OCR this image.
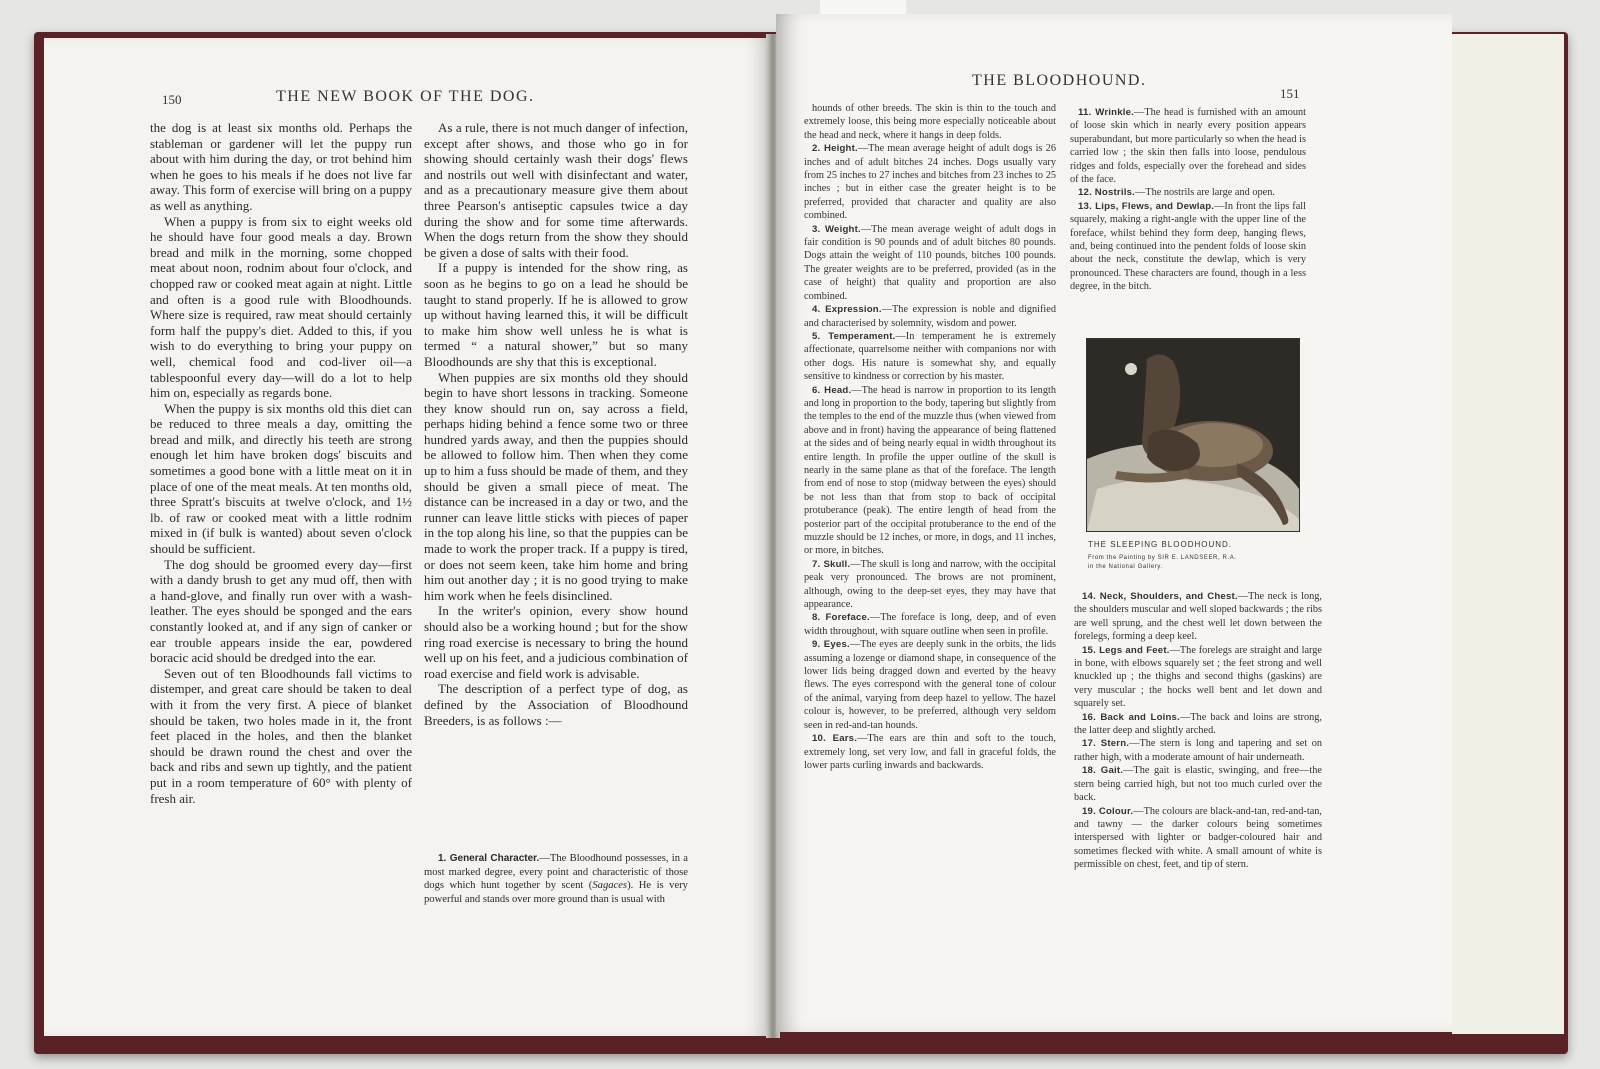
150	THE NEW BOOK OF THE DOG.

the dog is at least six months old. Perhaps the stableman or gardener will let the puppy run about with him during the day, or trot behind him when he goes to his meals if he does not live far away. This form of exercise will bring on a puppy as well as anything.

When a puppy is from six to eight weeks old he should have four good meals a day. Brown bread and milk in the morning, some chopped meat about noon, rodnim about four o'clock, and chopped raw or cooked meat again at night. Little and often is a good rule with Bloodhounds. Where size is required, raw meat should certainly form half the puppy's diet. Added to this, if you wish to do everything to bring your puppy on well, chemical food and cod-liver oil—a tablespoonful every day—will do a lot to help him on, especially as regards bone.

When the puppy is six months old this diet can be reduced to three meals a day, omitting the bread and milk, and directly his teeth are strong enough let him have broken dogs' biscuits and sometimes a good bone with a little meat on it in place of one of the meat meals. At ten months old, three Spratt's biscuits at twelve o'clock, and 1½ lb. of raw or cooked meat with a little rodnim mixed in (if bulk is wanted) about seven o'clock should be sufficient.

The dog should be groomed every day—first with a dandy brush to get any mud off, then with a hand-glove, and finally run over with a wash-leather. The eyes should be sponged and the ears constantly looked at, and if any sign of canker or ear trouble appears inside the ear, powdered boracic acid should be dredged into the ear.

Seven out of ten Bloodhounds fall victims to distemper, and great care should be taken to deal with it from the very first. A piece of blanket should be taken, two holes made in it, the front feet placed in the holes, and then the blanket should be drawn round the chest and over the back and ribs and sewn up tightly, and the patient put in a room temperature of 60° with plenty of fresh air.

As a rule, there is not much danger of infection, except after shows, and those who go in for showing should certainly wash their dogs' flews and nostrils out well with disinfectant and water, and as a precautionary measure give them about three Pearson's antiseptic capsules twice a day during the show and for some time afterwards. When the dogs return from the show they should be given a dose of salts with their food.

If a puppy is intended for the show ring, as soon as he begins to go on a lead he should be taught to stand properly. If he is allowed to grow up without having learned this, it will be difficult to make him show well unless he is what is termed “ a natural shower,” but so many Bloodhounds are shy that this is exceptional.

When puppies are six months old they should begin to have short lessons in tracking. Someone they know should run on, say across a field, perhaps hiding behind a fence some two or three hundred yards away, and then the puppies should be allowed to follow him. Then when they come up to him a fuss should be made of them, and they should be given a small piece of meat. The distance can be increased in a day or two, and the runner can leave little sticks with pieces of paper in the top along his line, so that the puppies can be made to work the proper track. If a puppy is tired, or does not seem keen, take him home and bring him out another day ; it is no good trying to make him work when he feels disinclined.

In the writer's opinion, every show hound should also be a working hound ; but for the show ring road exercise is necessary to bring the hound well up on his feet, and a judicious combination of road exercise and field work is advisable.

The description of a perfect type of dog, as defined by the Association of Bloodhound Breeders, is as follows :—

1. General Character.—The Bloodhound possesses, in a most marked degree, every point and characteristic of those dogs which hunt together by scent (Sagaces). He is very powerful and stands over more ground than is usual with

THE BLOODHOUND.
151

hounds of other breeds. The skin is thin to the touch and extremely loose, this being more especially noticeable about the head and neck, where it hangs in deep folds.

2. Height.—The mean average height of adult dogs is 26 inches and of adult bitches 24 inches. Dogs usually vary from 25 inches to 27 inches and bitches from 23 inches to 25 inches ; but in either case the greater height is to be preferred, provided that character and quality are also combined.

3. Weight.—The mean average weight of adult dogs in fair condition is 90 pounds and of adult bitches 80 pounds. Dogs attain the weight of 110 pounds, bitches 100 pounds. The greater weights are to be preferred, provided (as in the case of height) that quality and proportion are also combined.

4. Expression.—The expression is noble and dignified and characterised by solemnity, wisdom and power.

5. Temperament.—In temperament he is extremely affectionate, quarrelsome neither with companions nor with other dogs. His nature is somewhat shy, and equally sensitive to kindness or correction by his master.

6. Head.—The head is narrow in proportion to its length and long in proportion to the body, tapering but slightly from the temples to the end of the muzzle thus (when viewed from above and in front) having the appearance of being flattened at the sides and of being nearly equal in width throughout its entire length. In profile the upper outline of the skull is nearly in the same plane as that of the foreface. The length from end of nose to stop (midway between the eyes) should be not less than that from stop to back of occipital protuberance (peak). The entire length of head from the posterior part of the occipital protuberance to the end of the muzzle should be 12 inches, or more, in dogs, and 11 inches, or more, in bitches.

7. Skull.—The skull is long and narrow, with the occipital peak very pronounced. The brows are not prominent, although, owing to the deep-set eyes, they may have that appearance.

8. Foreface.—The foreface is long, deep, and of even width throughout, with square outline when seen in profile.

9. Eyes.—The eyes are deeply sunk in the orbits, the lids assuming a lozenge or diamond shape, in consequence of the lower lids being dragged down and everted by the heavy flews. The eyes correspond with the general tone of colour of the animal, varying from deep hazel to yellow. The hazel colour is, however, to be preferred, although very seldom seen in red-and-tan hounds.

10. Ears.—The ears are thin and soft to the touch, extremely long, set very low, and fall in graceful folds, the lower parts curling inwards and backwards.

11. Wrinkle.—The head is furnished with an amount of loose skin which in nearly every position appears superabundant, but more particularly so when the head is carried low ; the skin then falls into loose, pendulous ridges and folds, especially over the forehead and sides of the face.

12. Nostrils.—The nostrils are large and open.

13. Lips, Flews, and Dewlap.—In front the lips fall squarely, making a right-angle with the upper line of the foreface, whilst behind they form deep, hanging flews, and, being continued into the pendent folds of loose skin about the neck, constitute the dewlap, which is very pronounced. These characters are found, though in a less degree, in the bitch.

THE SLEEPING BLOODHOUND.
From the Painting by SIR E. LANDSEER, R.A.
in the National Gallery.

14. Neck, Shoulders, and Chest.—The neck is long, the shoulders muscular and well sloped backwards ; the ribs are well sprung, and the chest well let down between the forelegs, forming a deep keel.

15. Legs and Feet.—The forelegs are straight and large in bone, with elbows squarely set ; the feet strong and well knuckled up ; the thighs and second thighs (gaskins) are very muscular ; the hocks well bent and let down and squarely set.

16. Back and Loins.—The back and loins are strong, the latter deep and slightly arched.

17. Stern.—The stern is long and tapering and set on rather high, with a moderate amount of hair underneath.

18. Gait.—The gait is elastic, swinging, and free—the stern being carried high, but not too much curled over the back.

19. Colour.—The colours are black-and-tan, red-and-tan, and tawny — the darker colours being sometimes interspersed with lighter or badger-coloured hair and sometimes flecked with white. A small amount of white is permissible on chest, feet, and tip of stern.
